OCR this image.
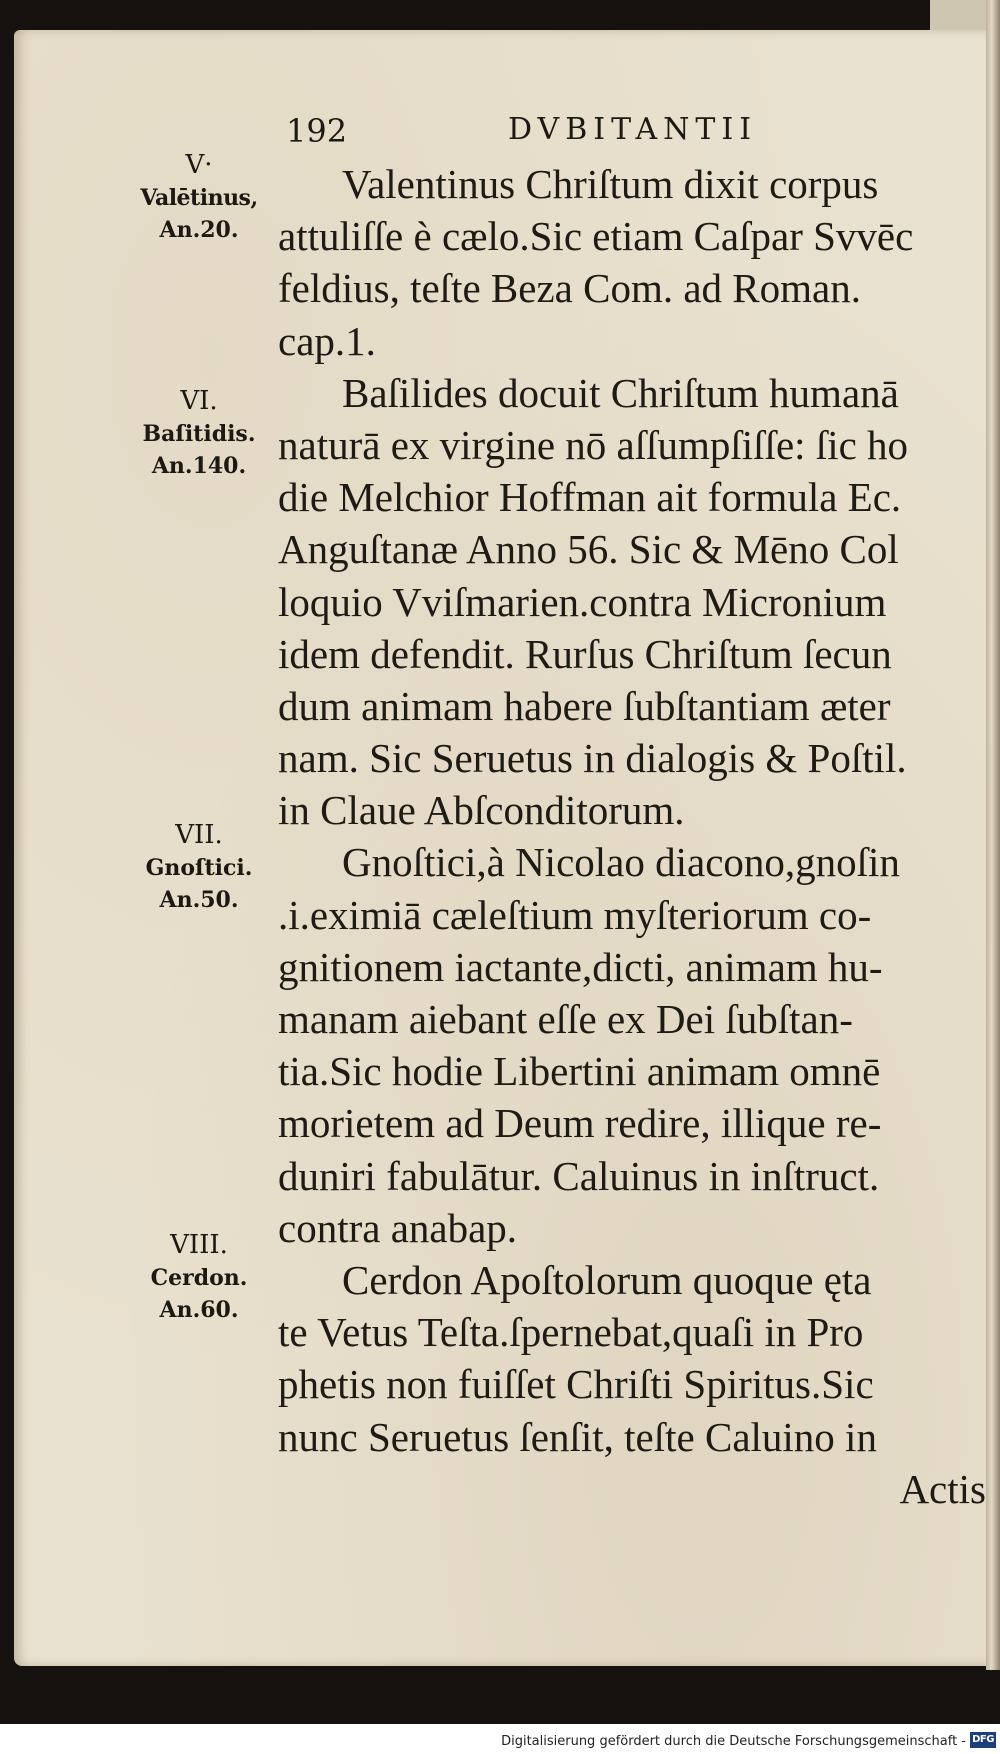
192	DVBITANTII
V·
Valētinus,
An.20.
VI.
Baſitidis.
An.140.
VII.
Gnoſtici.
An.50.
VIII.
Cerdon.
An.60.
Valentinus Chriſtum dixit corpus
attuliſſe è cælo.Sic etiam Caſpar Svvēc
feldius, teſte Beza Com. ad Roman.
cap.1.
Baſilides docuit Chriſtum humanā
naturā ex virgine nō aſſumpſiſſe: ſic ho
die Melchior Hoffman ait formula Ec.
Anguſtanæ Anno 56. Sic & Mēno Col
loquio Vviſmarien.contra Micronium
idem defendit. Rurſus Chriſtum ſecun
dum animam habere ſubſtantiam æter
nam. Sic Seruetus in dialogis & Poſtil.
in Claue Abſconditorum.
Gnoſtici,à Nicolao diacono,gnoſin
.i.eximiā cæleſtium myſteriorum co-
gnitionem iactante,dicti, animam hu-
manam aiebant eſſe ex Dei ſubſtan-
tia.Sic hodie Libertini animam omnē
morietem ad Deum redire, illique re-
duniri fabulātur. Caluinus in inſtruct.
contra anabap.
Cerdon Apoſtolorum quoque ęta
te Vetus Teſta.ſpernebat,quaſi in Pro
phetis non fuiſſet Chriſti Spiritus.Sic
nunc Seruetus ſenſit, teſte Caluino in
Actis
Digitalisierung gefördert durch die Deutsche Forschungsgemeinschaft - DFG
